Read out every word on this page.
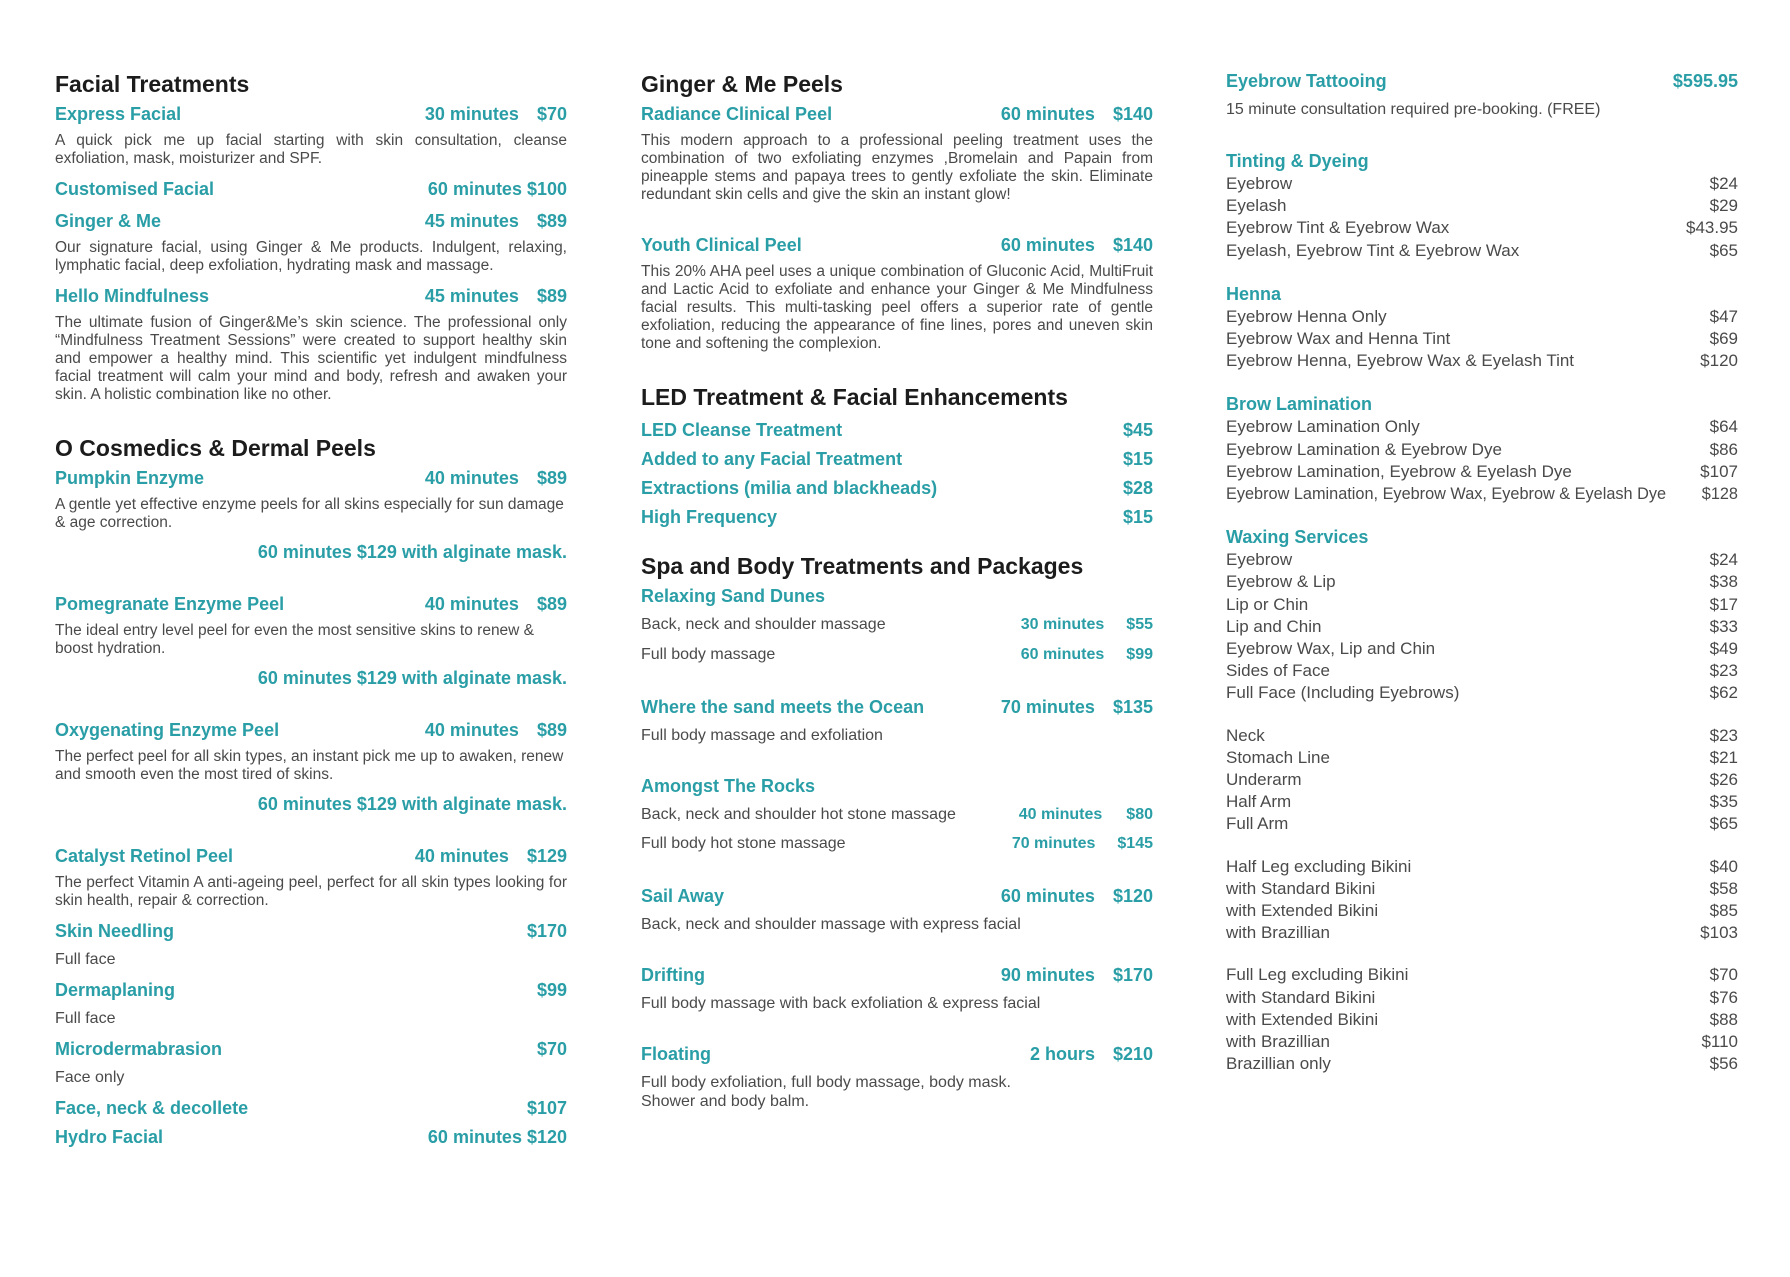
Facial Treatments
Express Facial	30 minutes $70
A quick pick me up facial starting with skin consultation, cleanse exfoliation, mask, moisturizer and SPF.
Customised Facial	60 minutes $100
Ginger & Me	45 minutes $89
Our signature facial, using Ginger & Me products. Indulgent, relaxing, lymphatic facial, deep exfoliation, hydrating mask and massage.
Hello Mindfulness	45 minutes $89
The ultimate fusion of Ginger&Me’s skin science. The professional only “Mindfulness Treatment Sessions” were created to support healthy skin and empower a healthy mind. This scientific yet indulgent mindfulness facial treatment will calm your mind and body, refresh and awaken your skin. A holistic combination like no other.
O Cosmedics & Dermal Peels
Pumpkin Enzyme	40 minutes $89
A gentle yet effective enzyme peels for all skins especially for sun damage & age correction.
60 minutes $129 with alginate mask.
Pomegranate Enzyme Peel	40 minutes $89
The ideal entry level peel for even the most sensitive skins to renew & boost hydration.
60 minutes $129 with alginate mask.
Oxygenating Enzyme Peel	40 minutes $89
The perfect peel for all skin types, an instant pick me up to awaken, renew and smooth even the most tired of skins.
60 minutes $129 with alginate mask.
Catalyst Retinol Peel	40 minutes $129
The perfect Vitamin A anti-ageing peel, perfect for all skin types looking for skin health, repair & correction.
Skin Needling	$170
Full face
Dermaplaning	$99
Full face
Microdermabrasion	$70
Face only
Face, neck & decollete	$107
Hydro Facial	60 minutes $120
Ginger & Me Peels
Radiance Clinical Peel	60 minutes $140
This modern approach to a professional peeling treatment uses the combination of two exfoliating enzymes ,Bromelain and Papain from pineapple stems and papaya trees to gently exfoliate the skin. Eliminate redundant skin cells and give the skin an instant glow!
Youth Clinical Peel	60 minutes $140
This 20% AHA peel uses a unique combination of Gluconic Acid, MultiFruit and Lactic Acid to exfoliate and enhance your Ginger & Me Mindfulness facial results. This multi-tasking peel offers a superior rate of gentle exfoliation, reducing the appearance of fine lines, pores and uneven skin tone and softening the complexion.
LED Treatment & Facial Enhancements
LED Cleanse Treatment	$45
Added to any Facial Treatment	$15
Extractions (milia and blackheads)	$28
High Frequency	$15
Spa and Body Treatments and Packages
Relaxing Sand Dunes
Back, neck and shoulder massage	30 minutes $55
Full body massage	60 minutes $99
Where the sand meets the Ocean	70 minutes $135
Full body massage and exfoliation
Amongst The Rocks
Back, neck and shoulder hot stone massage	40 minutes $80
Full body hot stone massage	70 minutes $145
Sail Away	60 minutes $120
Back, neck and shoulder massage with express facial
Drifting	90 minutes $170
Full body massage with back exfoliation & express facial
Floating	2 hours $210
Full body exfoliation, full body massage, body mask.
Shower and body balm.
Eyebrow Tattooing	$595.95
15 minute consultation required pre-booking. (FREE)
Tinting & Dyeing
Eyebrow	$24
Eyelash	$29
Eyebrow Tint & Eyebrow Wax	$43.95
Eyelash, Eyebrow Tint & Eyebrow Wax	$65
Henna
Eyebrow Henna Only	$47
Eyebrow Wax and Henna Tint	$69
Eyebrow Henna, Eyebrow Wax & Eyelash Tint	$120
Brow Lamination
Eyebrow Lamination Only	$64
Eyebrow Lamination & Eyebrow Dye	$86
Eyebrow Lamination, Eyebrow & Eyelash Dye	$107
Eyebrow Lamination, Eyebrow Wax, Eyebrow & Eyelash Dye $128
Waxing Services
Eyebrow	$24
Eyebrow & Lip	$38
Lip or Chin	$17
Lip and Chin	$33
Eyebrow Wax, Lip and Chin	$49
Sides of Face	$23
Full Face (Including Eyebrows)	$62
Neck	$23
Stomach Line	$21
Underarm	$26
Half Arm	$35
Full Arm	$65
Half Leg excluding Bikini	$40
with Standard Bikini	$58
with Extended Bikini	$85
with Brazillian	$103
Full Leg excluding Bikini	$70
with Standard Bikini	$76
with Extended Bikini	$88
with Brazillian	$110
Brazillian only	$56
